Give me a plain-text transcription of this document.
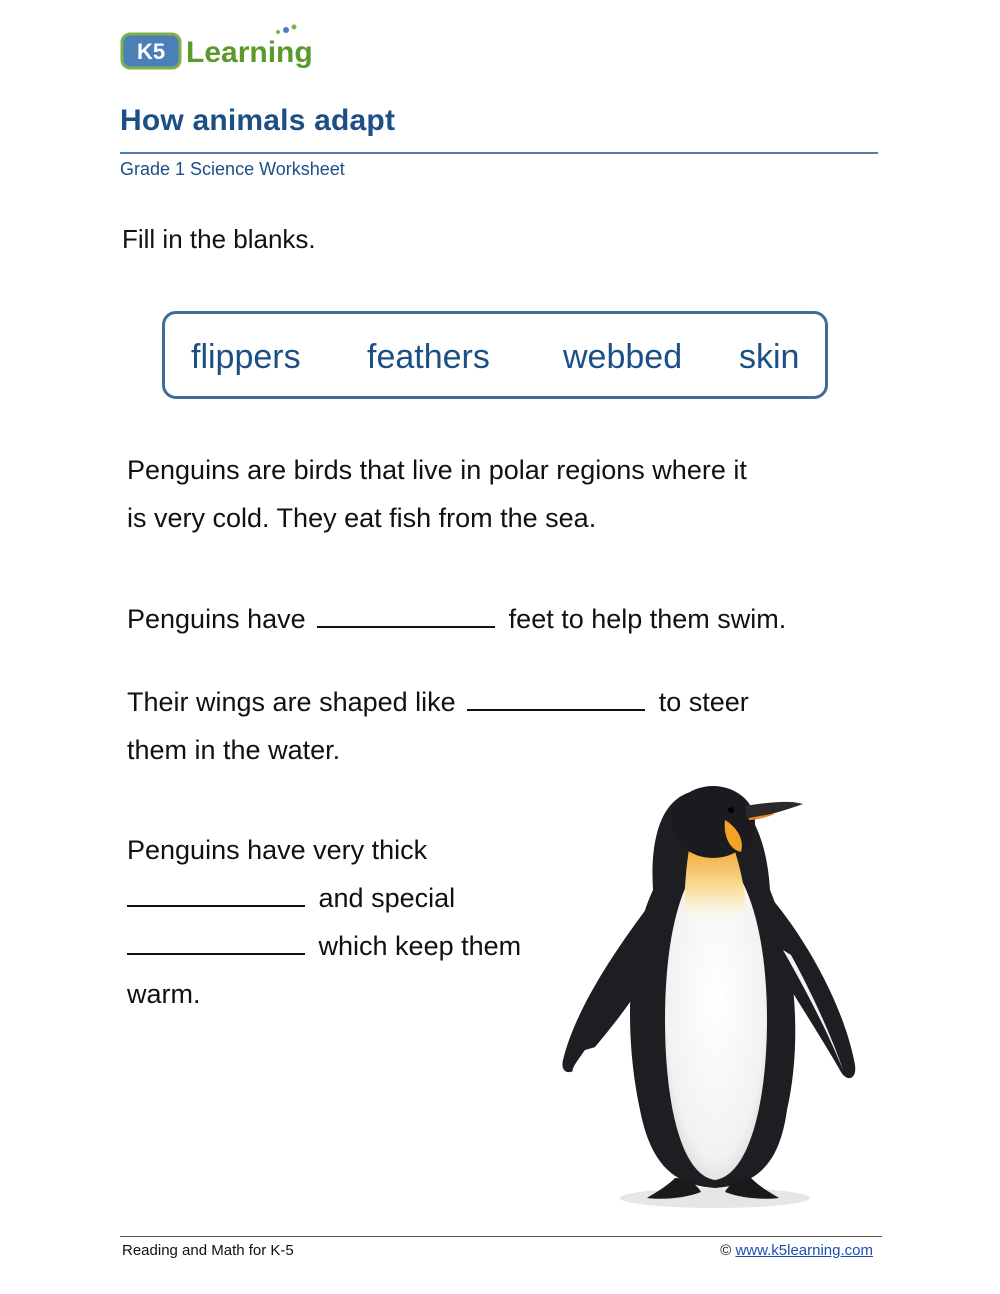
K5 Learning
How animals adapt
Grade 1 Science Worksheet
Fill in the blanks.
flippers feathers webbed skin
Penguins are birds that live in polar regions where it
is very cold. They eat fish from the sea.
Penguins have	feet to help them swim.
Their wings are shaped like	to steer
them in the water.
Penguins have very thick
and special
which keep them
warm.
Reading and Math for K-5	© www.k5learning.com
